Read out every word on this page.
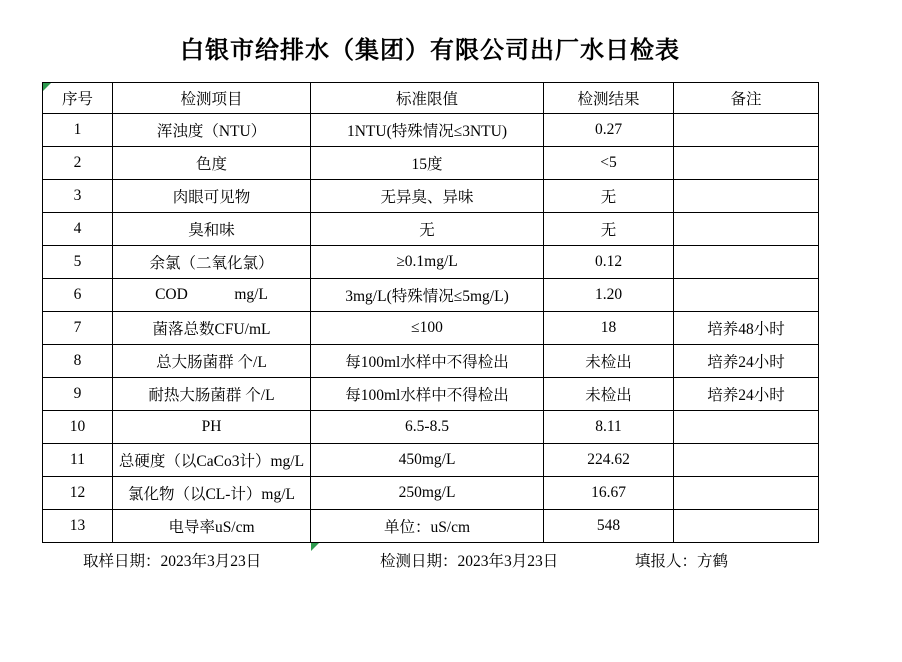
白银市给排水（集团）有限公司出厂水日检表
序号	检测项目	标准限值	检测结果	备注
1	浑浊度（NTU）	1NTU(特殊情况≤3NTU)	0.27	
2	色度	15度	<5	
3	肉眼可见物	无异臭、异味	无	
4	臭和味	无	无	
5	余氯（二氧化氯）	≥0.1mg/L	0.12	
6	COD            mg/L	3mg/L(特殊情况≤5mg/L)	1.20	
7	菌落总数CFU/mL	≤100	18	培养48小时
8	总大肠菌群 个/L	每100ml水样中不得检出	未检出	培养24小时
9	耐热大肠菌群 个/L	每100ml水样中不得检出	未检出	培养24小时
10	PH	6.5-8.5	8.11	
11	总硬度（以CaCo3计）mg/L	450mg/L	224.62	
12	氯化物（以CL-计）mg/L	250mg/L	16.67	
13	电导率uS/cm	单位：uS/cm	548	
取样日期：2023年3月23日	检测日期：2023年3月23日	填报人：方鹤
